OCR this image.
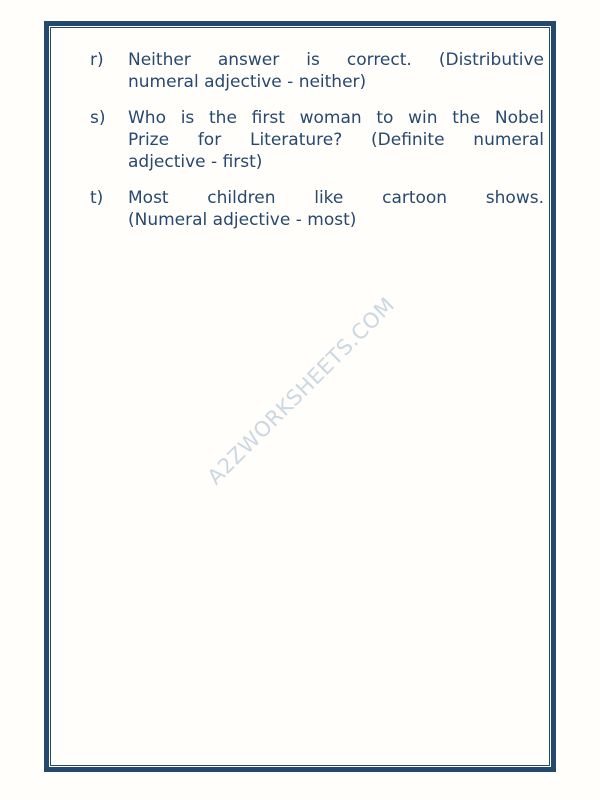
r)	Neither answer is correct. (Distributive
numeral adjective - neither)
s)	Who is the first woman to win the Nobel
Prize for Literature? (Definite numeral
adjective - first)
t)	Most children like cartoon shows.
(Numeral adjective - most)
A2ZWORKSHEETS.COM
